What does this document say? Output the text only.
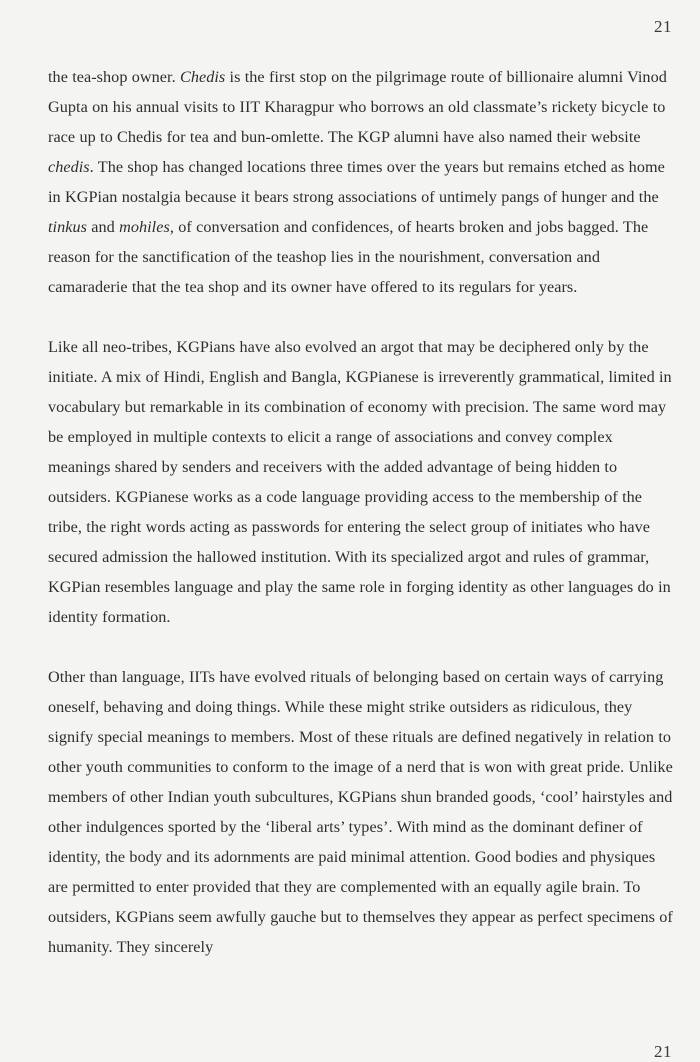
21

the tea-shop owner. Chedis is the first stop on the pilgrimage route of billionaire alumni Vinod Gupta on his annual visits to IIT Kharagpur who borrows an old classmate’s rickety bicycle to race up to Chedis for tea and bun-omlette. The KGP alumni have also named their website chedis. The shop has changed locations three times over the years but remains etched as home in KGPian nostalgia because it bears strong associations of untimely pangs of hunger and the tinkus and mohiles, of conversation and confidences, of hearts broken and jobs bagged. The reason for the sanctification of the teashop lies in the nourishment, conversation and camaraderie that the tea shop and its owner have offered to its regulars for years.

Like all neo-tribes, KGPians have also evolved an argot that may be deciphered only by the initiate. A mix of Hindi, English and Bangla, KGPianese is irreverently grammatical, limited in vocabulary but remarkable in its combination of economy with precision. The same word may be employed in multiple contexts to elicit a range of associations and convey complex meanings shared by senders and receivers with the added advantage of being hidden to outsiders. KGPianese works as a code language providing access to the membership of the tribe, the right words acting as passwords for entering the select group of initiates who have secured admission the hallowed institution. With its specialized argot and rules of grammar, KGPian resembles language and play the same role in forging identity as other languages do in identity formation.

Other than language, IITs have evolved rituals of belonging based on certain ways of carrying oneself, behaving and doing things. While these might strike outsiders as ridiculous, they signify special meanings to members. Most of these rituals are defined negatively in relation to other youth communities to conform to the image of a nerd that is won with great pride. Unlike members of other Indian youth subcultures, KGPians shun branded goods, ‘cool’ hairstyles and other indulgences sported by the ‘liberal arts’ types’. With mind as the dominant definer of identity, the body and its adornments are paid minimal attention. Good bodies and physiques are permitted to enter provided that they are complemented with an equally agile brain. To outsiders, KGPians seem awfully gauche but to themselves they appear as perfect specimens of humanity. They sincerely

21
